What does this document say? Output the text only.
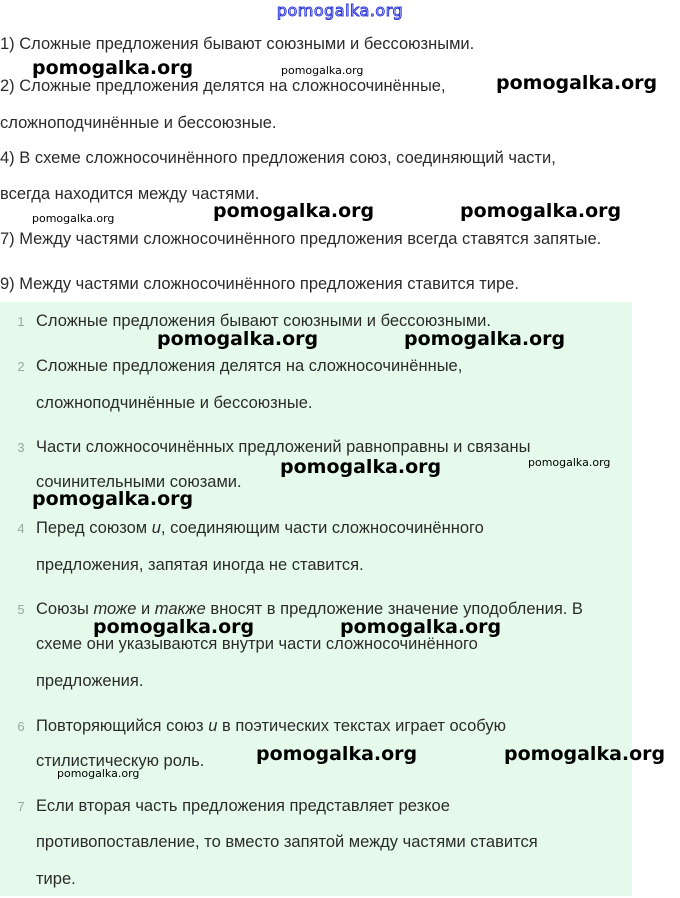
pomogalka.org
1) Сложные предложения бывают союзными и бессоюзными.
2) Сложные предложения делятся на сложносочинённые,
сложноподчинённые и бессоюзные.
4) В схеме сложносочинённого предложения союз, соединяющий части,
всегда находится между частями.
7) Между частями сложносочинённого предложения всегда ставятся запятые.
9) Между частями сложносочинённого предложения ставится тире.
1 Сложные предложения бывают союзными и бессоюзными.
2 Сложные предложения делятся на сложносочинённые,
сложноподчинённые и бессоюзные.
3 Части сложносочинённых предложений равноправны и связаны
сочинительными союзами.
4 Перед союзом и, соединяющим части сложносочинённого
предложения, запятая иногда не ставится.
5 Союзы тоже и также вносят в предложение значение уподобления. В
схеме они указываются внутри части сложносочинённого
предложения.
6 Повторяющийся союз и в поэтических текстах играет особую
стилистическую роль.
7 Если вторая часть предложения представляет резкое
противопоставление, то вместо запятой между частями ставится
тире.
pomogalka.org	pomogalka.org
pomogalka.org
pomogalka.org	pomogalka.org	pomogalka.org
pomogalka.org	pomogalka.org
pomogalka.org	pomogalka.org
pomogalka.org
pomogalka.org	pomogalka.org
pomogalka.org	pomogalka.org
pomogalka.org
